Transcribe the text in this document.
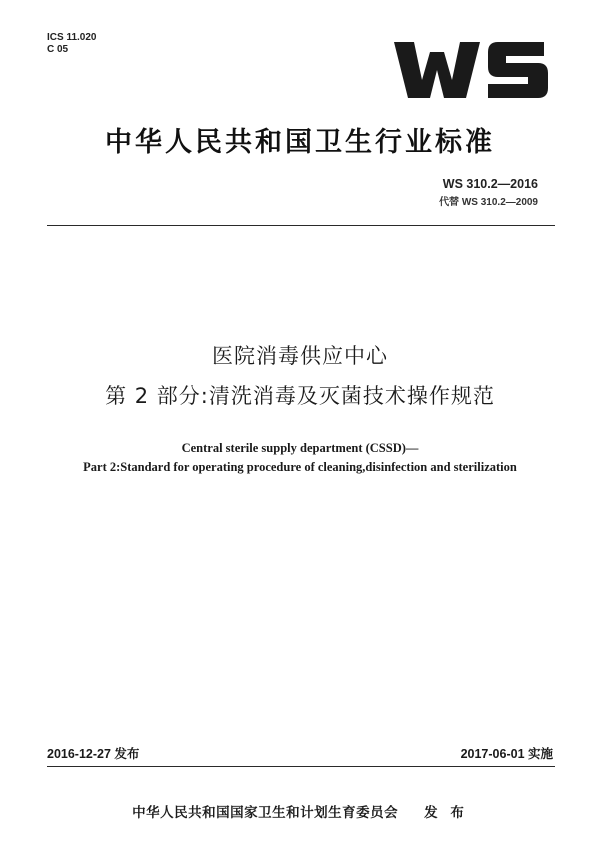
ICS 11.020
C 05
中华人民共和国卫生行业标准
WS 310.2—2016
代替 WS 310.2—2009
医院消毒供应中心
第 2 部分:清洗消毒及灭菌技术操作规范
Central sterile supply department (CSSD)—
Part 2:Standard for operating procedure of cleaning,disinfection and sterilization
2016-12-27 发布	2017-06-01 实施
中华人民共和国国家卫生和计划生育委员会 发 布
